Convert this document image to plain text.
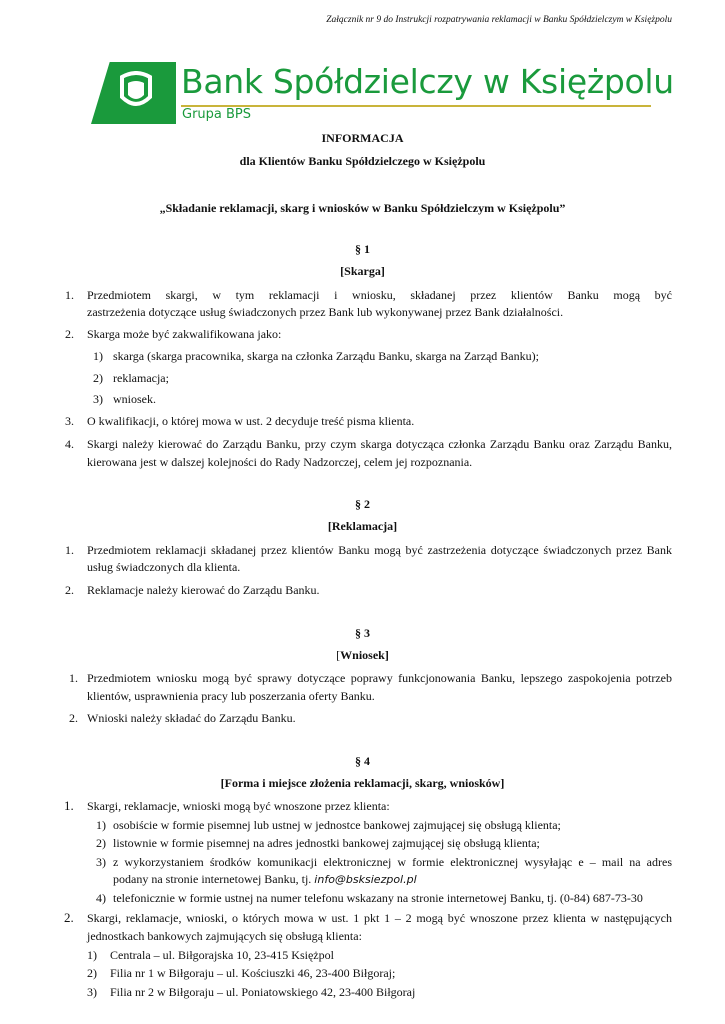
Załącznik nr 9 do Instrukcji rozpatrywania reklamacji w Banku Spółdzielczym w Księżpolu
Bank Spółdzielczy w Księżpolu
Grupa BPS
INFORMACJA
dla Klientów Banku Spółdzielczego w Księżpolu
„Składanie reklamacji, skarg i wniosków w Banku Spółdzielczym w Księżpolu”
§ 1
[Skarga]
1. Przedmiotem skargi, w tym reklamacji i wniosku, składanej przez klientów Banku mogą być
zastrzeżenia dotyczące usług świadczonych przez Bank lub wykonywanej przez Bank działalności.
2. Skarga może być zakwalifikowana jako:
1) skarga (skarga pracownika, skarga na członka Zarządu Banku, skarga na Zarząd Banku);
2) reklamacja;
3) wniosek.
3. O kwalifikacji, o której mowa w ust. 2 decyduje treść pisma klienta.
4. Skargi należy kierować do Zarządu Banku, przy czym skarga dotycząca członka Zarządu Banku oraz Zarządu Banku,
kierowana jest w dalszej kolejności do Rady Nadzorczej, celem jej rozpoznania.
§ 2
[Reklamacja]
1. Przedmiotem reklamacji składanej przez klientów Banku mogą być zastrzeżenia dotyczące świadczonych przez Bank
usług świadczonych dla klienta.
2. Reklamacje należy kierować do Zarządu Banku.
§ 3
[Wniosek]
1. Przedmiotem wniosku mogą być sprawy dotyczące poprawy funkcjonowania Banku, lepszego zaspokojenia potrzeb
klientów, usprawnienia pracy lub poszerzania oferty Banku.
2. Wnioski należy składać do Zarządu Banku.
§ 4
[Forma i miejsce złożenia reklamacji, skarg, wniosków]
1. Skargi, reklamacje, wnioski mogą być wnoszone przez klienta:
1) osobiście w formie pisemnej lub ustnej w jednostce bankowej zajmującej się obsługą klienta;
2) listownie w formie pisemnej na adres jednostki bankowej zajmującej się obsługą klienta;
3) z wykorzystaniem środków komunikacji elektronicznej w formie elektronicznej wysyłając e – mail na adres
podany na stronie internetowej Banku, tj. info@bsksiezpol.pl
4) telefonicznie w formie ustnej na numer telefonu wskazany na stronie internetowej Banku, tj. (0-84) 687-73-30
2. Skargi, reklamacje, wnioski, o których mowa w ust. 1 pkt 1 – 2 mogą być wnoszone przez klienta w następujących
jednostkach bankowych zajmujących się obsługą klienta:
1) Centrala – ul. Biłgorajska 10, 23-415 Księżpol
2) Filia nr 1 w Biłgoraju – ul. Kościuszki 46, 23-400 Biłgoraj;
3) Filia nr 2 w Biłgoraju – ul. Poniatowskiego 42, 23-400 Biłgoraj
